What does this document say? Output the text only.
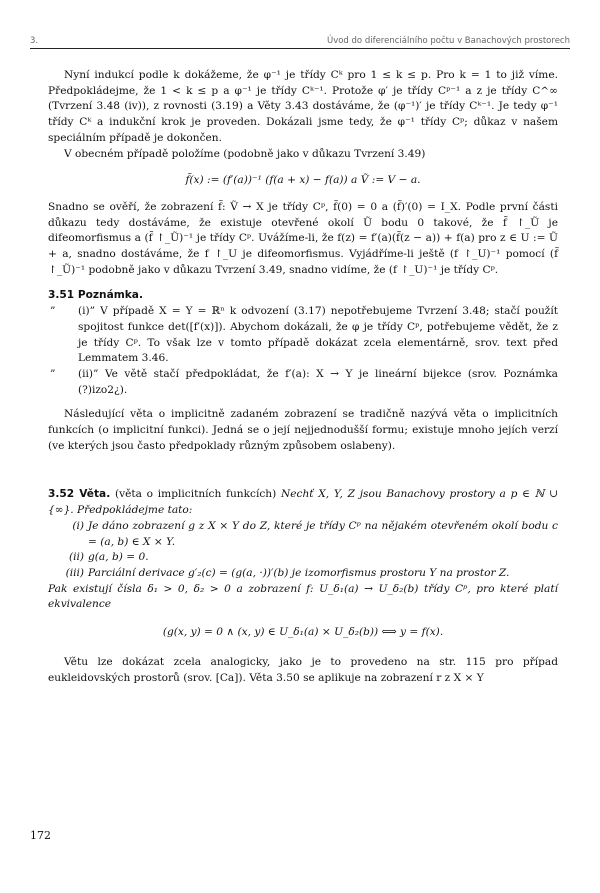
3.	Úvod do diferenciálního počtu v Banachových prostorech

Nyní indukcí podle k dokážeme, že φ⁻¹ je třídy Cᵏ pro 1 ≤ k ≤ p. Pro k = 1 to již víme. Předpokládejme, že 1 < k ≤ p a φ⁻¹ je třídy Cᵏ⁻¹. Protože φ′ je třídy Cᵖ⁻¹ a z je třídy C^∞ (Tvrzení 3.48 (iv)), z rovnosti (3.19) a Věty 3.43 dostáváme, že (φ⁻¹)′ je třídy Cᵏ⁻¹. Je tedy φ⁻¹ třídy Cᵏ a indukční krok je proveden. Dokázali jsme tedy, že φ⁻¹ třídy Cᵖ; důkaz v našem speciálním případě je dokončen.

V obecném případě položíme (podobně jako v důkazu Tvrzení 3.49)

f̃(x) := (f′(a))⁻¹ (f(a + x) − f(a)) a Ṽ := V − a.

Snadno se ověří, že zobrazení f̃: Ṽ → X je třídy Cᵖ, f̃(0) = 0 a (f̃)′(0) = I_X. Podle první části důkazu tedy dostáváme, že existuje otevřené okolí Ũ bodu 0 takové, že f̃ ↾_Ũ je difeomorfismus a (f̃ ↾_Ũ)⁻¹ je třídy Cᵖ. Uvážíme-li, že f(z) = f′(a)(f̃(z − a)) + f(a) pro z ∈ U := Ũ + a, snadno dostáváme, že f ↾_U je difeomorfismus. Vyjádříme-li ještě (f ↾_U)⁻¹ pomocí (f̃ ↾_Ũ)⁻¹ podobně jako v důkazu Tvrzení 3.49, snadno vidíme, že (f ↾_U)⁻¹ je třídy Cᵖ.

3.51 Poznámka.

” (i)” V případě X = Y = ℝⁿ k odvození (3.17) nepotřebujeme Tvrzení 3.48; stačí použít spojitost funkce det([f′(x)]). Abychom dokázali, že φ je třídy Cᵖ, potřebujeme vědět, že z je třídy Cᵖ. To však lze v tomto případě dokázat zcela elementárně, srov. text před Lemmatem 3.46.
” (ii)” Ve větě stačí předpokládat, že f′(a): X → Y je lineární bijekce (srov. Poznámka (?)izo2¿).

Následující věta o implicitně zadaném zobrazení se tradičně nazývá věta o implicitních funkcích (o implicitní funkci). Jedná se o její nejjednodušší formu; existuje mnoho jejích verzí (ve kterých jsou často předpoklady různým způsobem oslabeny).

3.52 Věta. (věta o implicitních funkcích) Nechť X, Y, Z jsou Banachovy prostory a p ∈ ℕ ∪ {∞}. Předpokládejme tato:

(i) Je dáno zobrazení g z X × Y do Z, které je třídy Cᵖ na nějakém otevřeném okolí bodu c = (a, b) ∈ X × Y.
(ii) g(a, b) = 0.
(iii) Parciální derivace g′₂(c) = (g(a, ·))′(b) je izomorfismus prostoru Y na prostor Z.

Pak existují čísla δ₁ > 0, δ₂ > 0 a zobrazení f: U_δ₁(a) → U_δ₂(b) třídy Cᵖ, pro které platí ekvivalence

(g(x, y) = 0 ∧ (x, y) ∈ U_δ₁(a) × U_δ₂(b)) ⟺ y = f(x).

Větu lze dokázat zcela analogicky, jako je to provedeno na str. 115 pro případ eukleidovských prostorů (srov. [Ca]). Věta 3.50 se aplikuje na zobrazení r z X × Y

172
